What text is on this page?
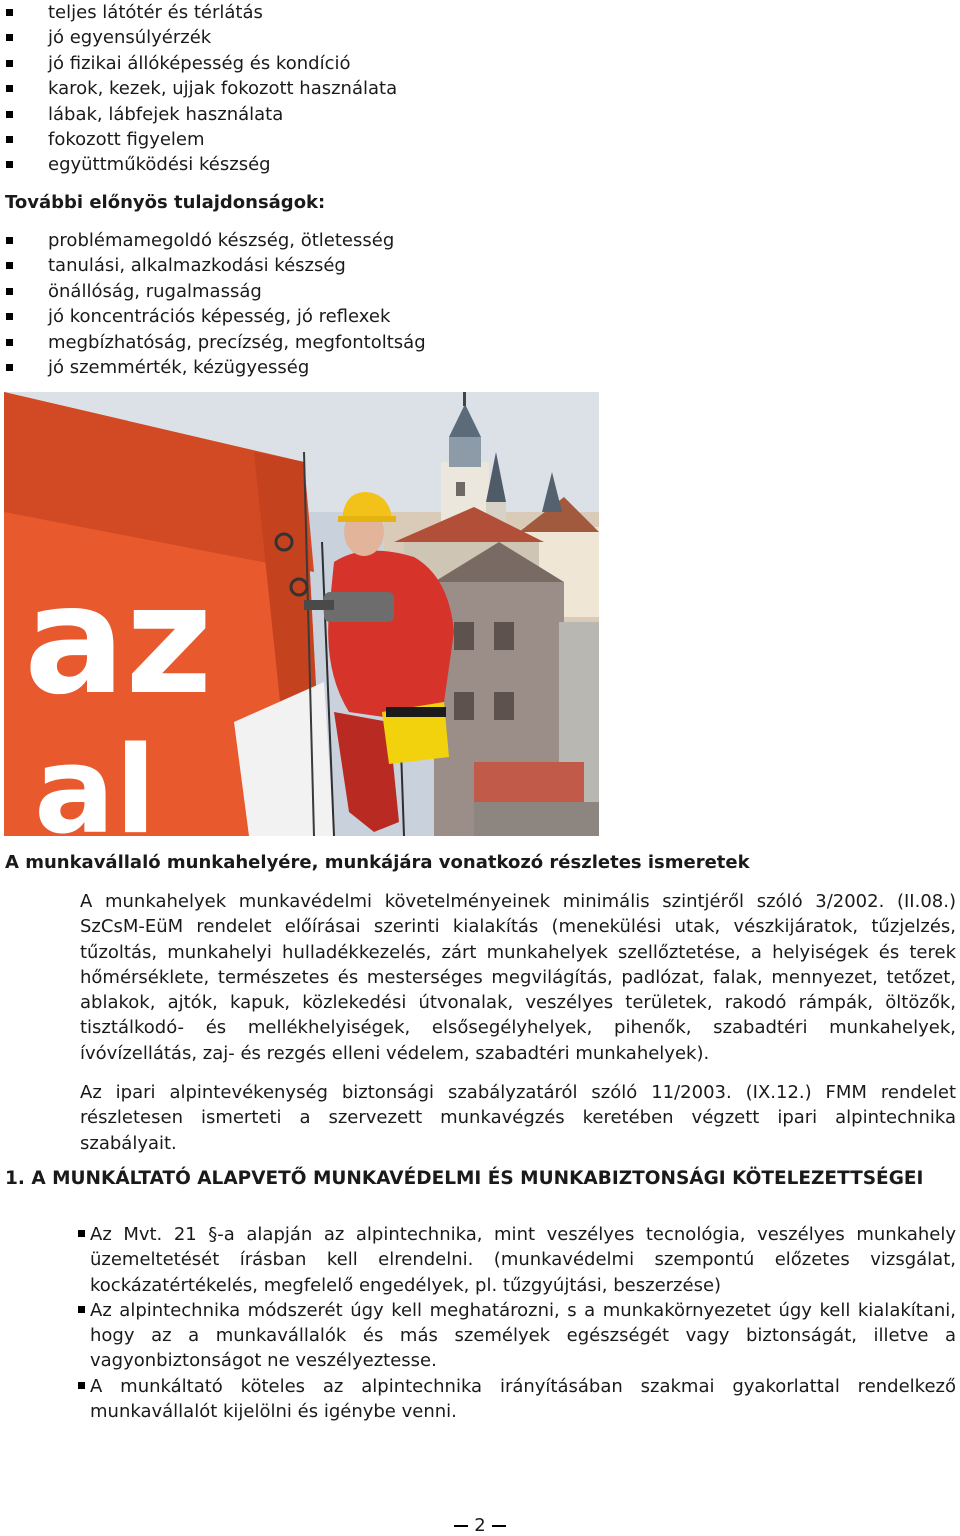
teljes látótér és térlátás
jó egyensúlyérzék
jó fizikai állóképesség és kondíció
karok, kezek, ujjak fokozott használata
lábak, lábfejek használata
fokozott figyelem
együttműködési készség
További előnyös tulajdonságok:
problémamegoldó készség, ötletesség
tanulási, alkalmazkodási készség
önállóság, rugalmasság
jó koncentrációs képesség, jó reflexek
megbízhatóság, precízség, megfontoltság
jó szemmérték, kézügyesség
az
al
A munkavállaló munkahelyére, munkájára vonatkozó részletes ismeretek

A munkahelyek munkavédelmi követelményeinek minimális szintjéről szóló 3/2002. (II.08.) SzCsM-EüM rendelet előírásai szerinti kialakítás (menekülési utak, vészkijáratok, tűzjelzés, tűzoltás, munkahelyi hulladékkezelés, zárt munkahelyek szellőztetése, a helyiségek és terek hőmérséklete, természetes és mesterséges megvilágítás, padlózat, falak, mennyezet, tetőzet, ablakok, ajtók, kapuk, közlekedési útvonalak, veszélyes területek, rakodó rámpák, öltözők, tisztálkodó- és mellékhelyiségek, elsősegélyhelyek, pihenők, szabadtéri munkahelyek, ívóvízellátás, zaj- és rezgés elleni védelem, szabadtéri munkahelyek).

Az ipari alpintevékenység biztonsági szabályzatáról szóló 11/2003. (IX.12.) FMM rendelet részletesen ismerteti a szervezett munkavégzés keretében végzett ipari alpintechnika szabályait.

1. A MUNKÁLTATÓ ALAPVETŐ MUNKAVÉDELMI ÉS MUNKABIZTONSÁGI KÖTELEZETTSÉGEI
Az Mvt. 21 §-a alapján az alpintechnika, mint veszélyes tecnológia, veszélyes munkahely üzemeltetését írásban kell elrendelni. (munkavédelmi szempontú előzetes vizsgálat, kockázatértékelés, megfelelő engedélyek, pl. tűzgyújtási, beszerzése)
Az alpintechnika módszerét úgy kell meghatározni, s a munkakörnyezetet úgy kell kialakítani, hogy az a munkavállalók és más személyek egészségét vagy biztonságát, illetve a vagyonbiztonságot ne veszélyeztesse.
A munkáltató köteles az alpintechnika irányításában szakmai gyakorlattal rendelkező munkavállalót kijelölni és igénybe venni.
2
